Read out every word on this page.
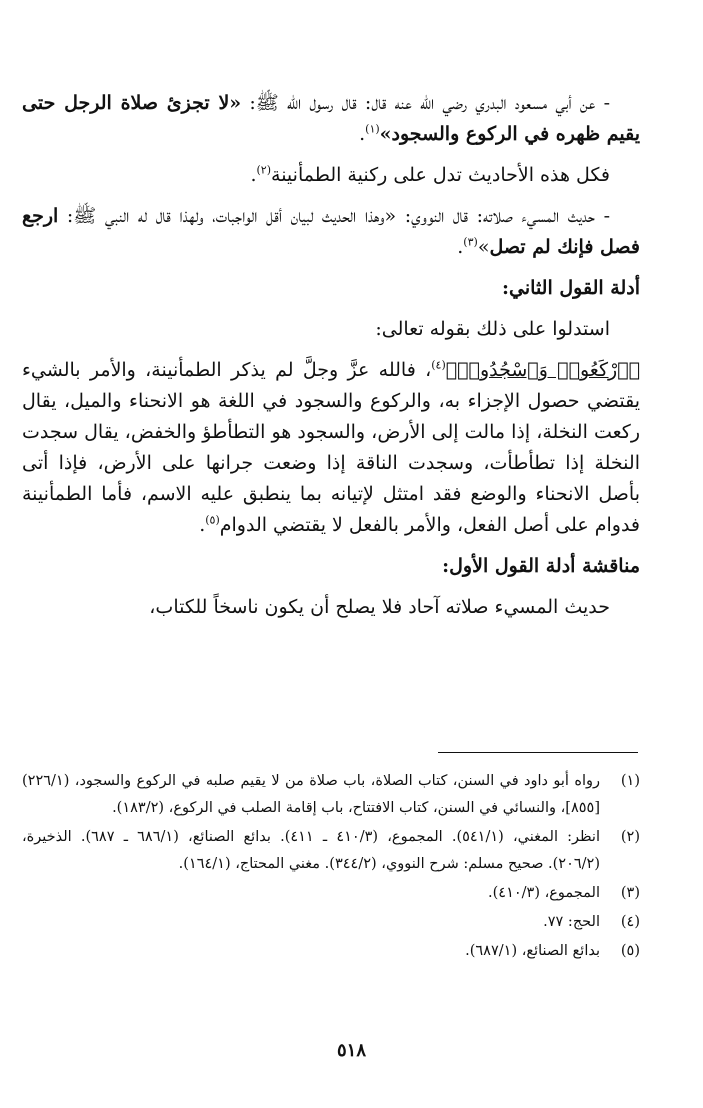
- عن أبي مسعود البدري رضي الله عنه قال: قال رسول الله ﷺ: «لا تجزئ صلاة الرجل حتى يقيم ظهره في الركوع والسجود»$^{(١)}$.

فكل هذه الأحاديث تدل على ركنية الطمأنينة$^{(٢)}$.

- حديث المسيء صلاته: قال النووي: «وهذا الحديث لبيان أقل الواجبات، ولهذا قال له النبي ﷺ: ارجع فصل فإنك لم تصل»$^{(٣)}$.

أدلة القول الثاني:

استدلوا على ذلك بقوله تعالى:

﴿ٱرْكَعُوا۟ وَٱسْجُدُوا۟﴾$^{(٤)}$، فالله عزَّ وجلَّ لم يذكر الطمأنينة، والأمر بالشيء يقتضي حصول الإجزاء به، والركوع والسجود في اللغة هو الانحناء والميل، يقال ركعت النخلة، إذا مالت إلى الأرض، والسجود هو التطأطؤ والخفض، يقال سجدت النخلة إذا تطأطأت، وسجدت الناقة إذا وضعت جرانها على الأرض، فإذا أتى بأصل الانحناء والوضع فقد امتثل لإتيانه بما ينطبق عليه الاسم، فأما الطمأنينة فدوام على أصل الفعل، والأمر بالفعل لا يقتضي الدوام$^{(٥)}$.

مناقشة أدلة القول الأول:

حديث المسيء صلاته آحاد فلا يصلح أن يكون ناسخاً للكتاب،

(١)
رواه أبو داود في السنن، كتاب الصلاة، باب صلاة من لا يقيم صلبه في الركوع والسجود، (٢٢٦/١) [٨٥٥]، والنسائي في السنن، كتاب الافتتاح، باب إقامة الصلب في الركوع، (١٨٣/٢).
(٢)
انظر: المغني، (٥٤١/١). المجموع، (٤١٠/٣ ـ ٤١١). بدائع الصنائع، (٦٨٦/١ ـ ٦٨٧). الذخيرة، (٢٠٦/٢). صحيح مسلم: شرح النووي، (٣٤٤/٢). مغني المحتاج، (١٦٤/١).
(٣)
المجموع، (٤١٠/٣).
(٤)
الحج: ٧٧.
(٥)
بدائع الصنائع، (٦٨٧/١).
٥١٨
